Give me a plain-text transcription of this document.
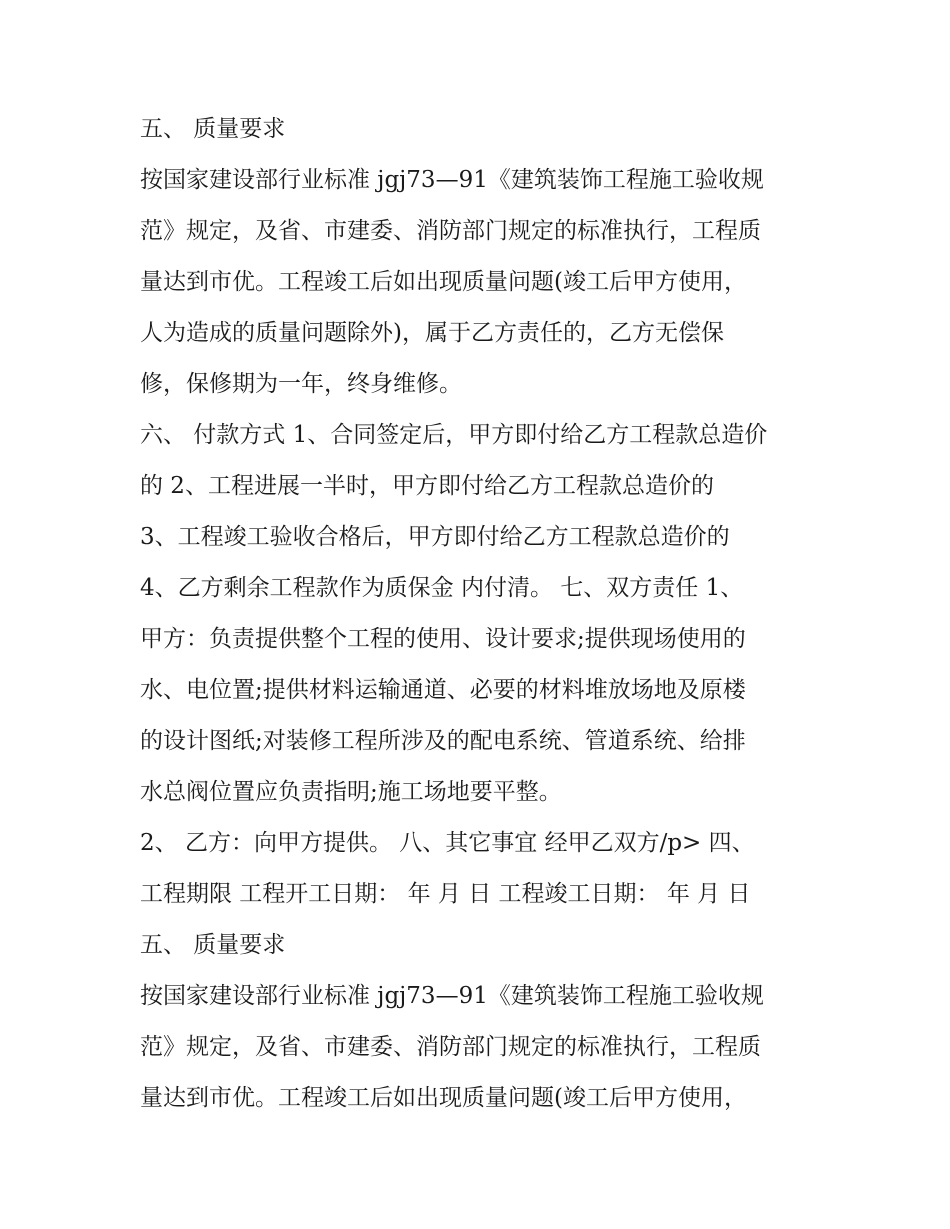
五、 质量要求
按国家建设部行业标准 jgj73—91《建筑装饰工程施工验收规
范》规定，及省、市建委、消防部门规定的标准执行，工程质
量达到市优。工程竣工后如出现质量问题(竣工后甲方使用，
人为造成的质量问题除外)，属于乙方责任的，乙方无偿保
修，保修期为一年，终身维修。
六、 付款方式 1、合同签定后，甲方即付给乙方工程款总造价
的 2、工程进展一半时，甲方即付给乙方工程款总造价的
3、工程竣工验收合格后，甲方即付给乙方工程款总造价的
4、乙方剩余工程款作为质保金 内付清。 七、双方责任 1、
甲方：负责提供整个工程的使用、设计要求;提供现场使用的
水、电位置;提供材料运输通道、必要的材料堆放场地及原楼
的设计图纸;对装修工程所涉及的配电系统、管道系统、给排
水总阀位置应负责指明;施工场地要平整。
2、 乙方：向甲方提供。 八、其它事宜 经甲乙双方/p> 四、
工程期限 工程开工日期： 年 月 日 工程竣工日期： 年 月 日
五、 质量要求
按国家建设部行业标准 jgj73—91《建筑装饰工程施工验收规
范》规定，及省、市建委、消防部门规定的标准执行，工程质
量达到市优。工程竣工后如出现质量问题(竣工后甲方使用，
